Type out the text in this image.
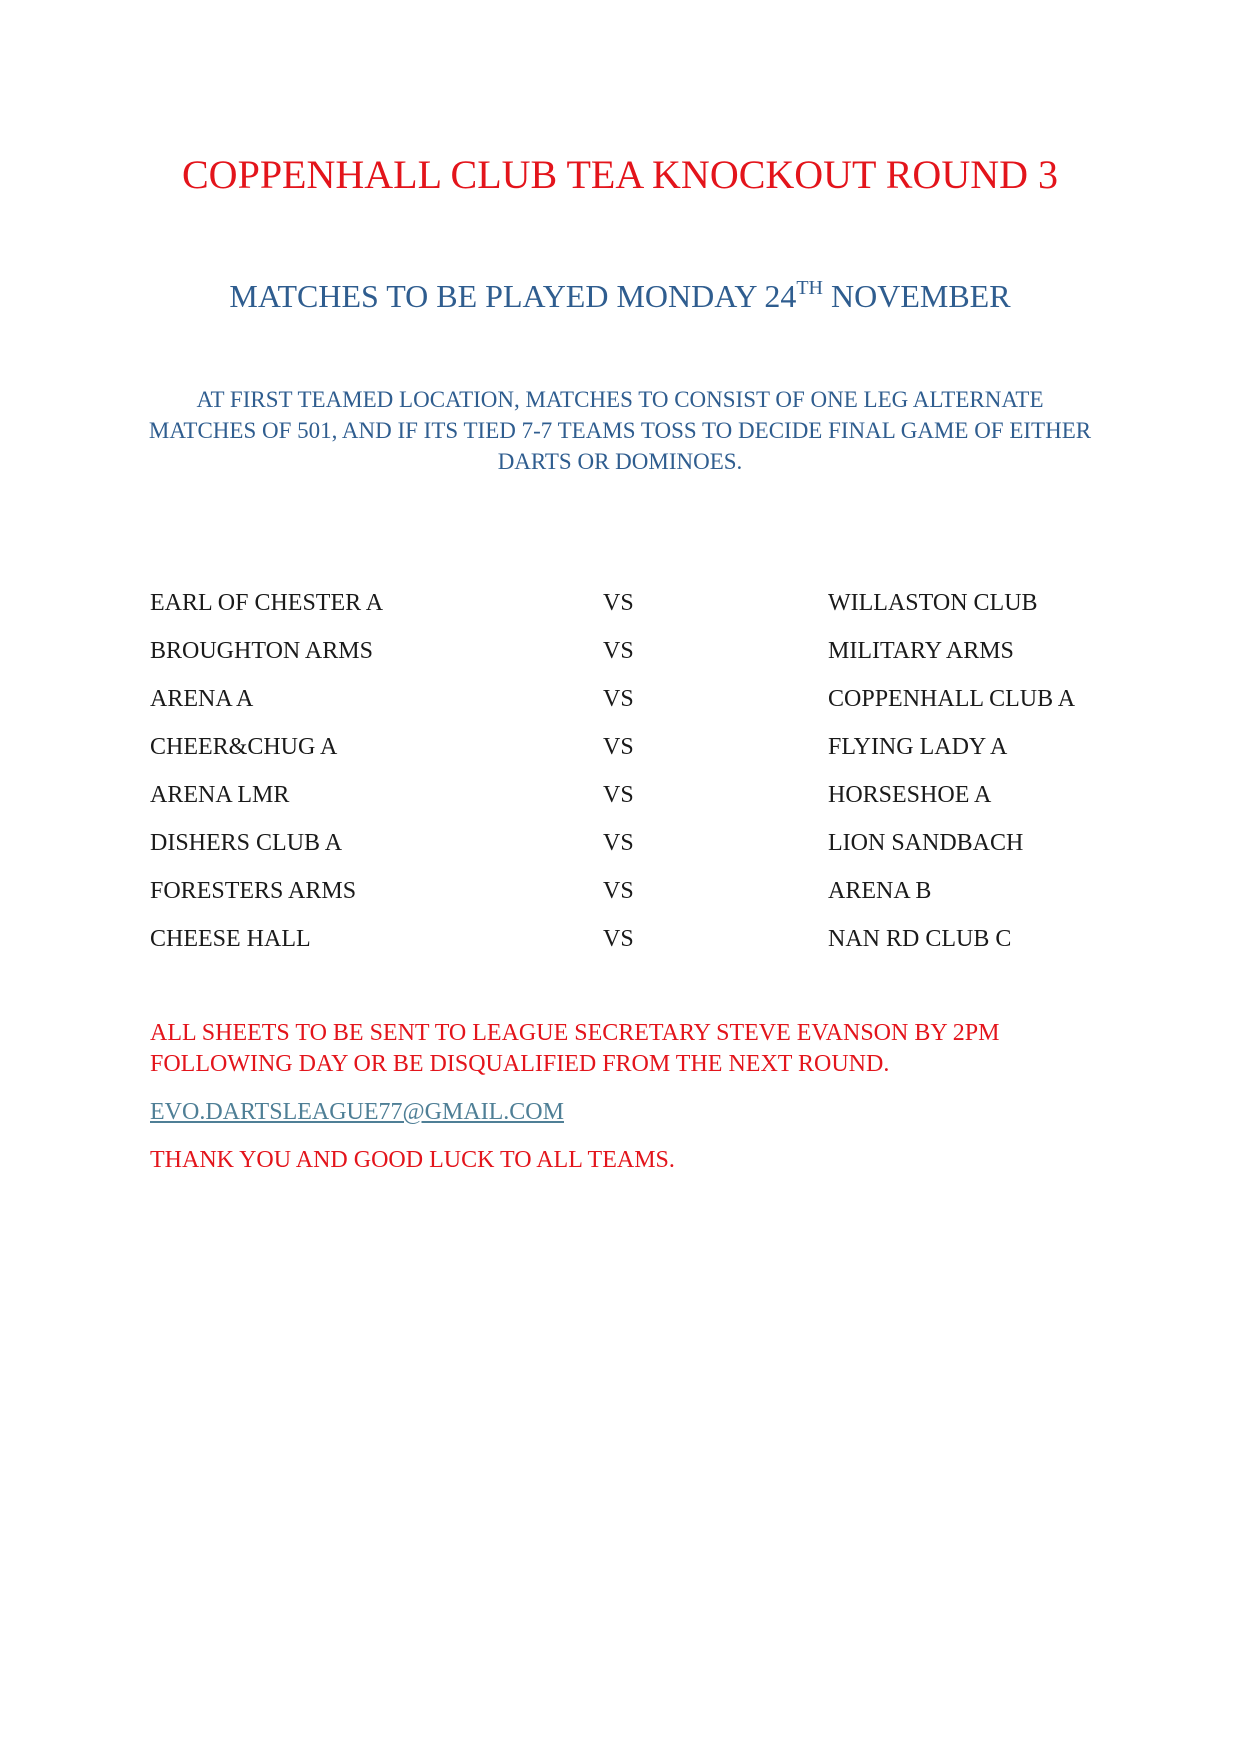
COPPENHALL CLUB TEA KNOCKOUT ROUND 3
MATCHES TO BE PLAYED MONDAY 24TH NOVEMBER

AT FIRST TEAMED LOCATION, MATCHES TO CONSIST OF ONE LEG ALTERNATE MATCHES OF 501, AND IF ITS TIED 7-7 TEAMS TOSS TO DECIDE FINAL GAME OF EITHER DARTS OR DOMINOES.

EARL OF CHESTER A	VS	WILLASTON CLUB
BROUGHTON ARMS	VS	MILITARY ARMS
ARENA A	VS	COPPENHALL CLUB A
CHEER&CHUG A	VS	FLYING LADY A
ARENA LMR	VS	HORSESHOE A
DISHERS CLUB A	VS	LION SANDBACH
FORESTERS ARMS	VS	ARENA B
CHEESE HALL	VS	NAN RD CLUB C

ALL SHEETS TO BE SENT TO LEAGUE SECRETARY STEVE EVANSON BY 2PM FOLLOWING DAY OR BE DISQUALIFIED FROM THE NEXT ROUND.

EVO.DARTSLEAGUE77@GMAIL.COM

THANK YOU AND GOOD LUCK TO ALL TEAMS.
